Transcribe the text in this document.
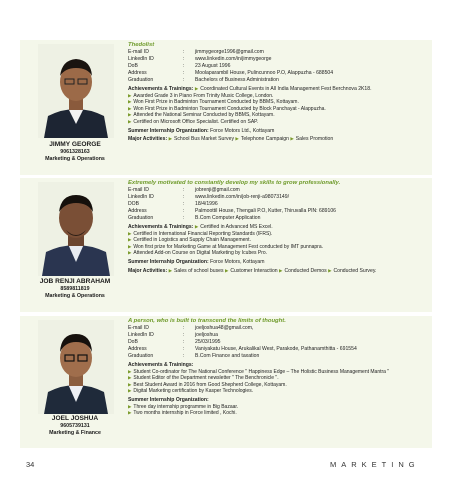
JIMMY GEORGE
9061328163
Marketing & Operations
Thedolist
E-mail ID	:	jimmygeorge1996@gmail.com
LinkedIn ID	:	www.linkedin.com/in/jimmygeorge
DoB	:	23 August 1996
Address	:	Moolaparambil House, Pulincunnoo P.O, Alappuzha - 688504
Graduation	:	Bachelors of Business Administration
Achievements & Trainings: ▶ Coordinated Cultural Events in All India Management Fest Berchnova 2K18.
▶ Awarded Grade 3 in Piano From Trinity Music College, London.
▶ Won First Prize in Badminton Tournament Conducted by BBMS, Kottayam.
▶ Won First Prize in Badminton Tournament Conducted by Block Panchayat - Alappuzha.
▶ Attended the National Seminar Conducted by BBMS, Kottayam.
▶ Certified on Microsoft Office Specialist. Certified on SAP.
Summer Internship Organization: Force Motors Ltd., Kottayam
Major Activities: ▶ School Bus Market Survey ▶ Telephone Campaign ▶ Sales Promotion
JOB RENJI ABRAHAM
8589811819
Marketing & Operations
Extremely motivated to constantly develop my skills to grow professionally.
E-mail ID	:	jobrenji@gmail.com
LinkedIn ID	:	www.linkedin.com/in/job-renji-a98073149/
DOB	:	18/4/1996
Address	:	Palmoottil House, Thengali P.O, Kutter, Thiruvalla PIN: 689106
Graduation	:	B.Com Computer Application
Achievements & Trainings: ▶ Certified in Advanced MS Excel.
▶ Certified in International Financial Reporting Standards (IFRS).
▶ Certified in Logistics and Supply Chain Management.
▶ Won first prize for Marketing Game at Management Fest conducted by IMT punnapra.
▶ Attended Add-on Course on Digital Marketing by Icubes Pro.
Summer Internship Organization: Force Motors, Kottayam
Major Activities: ▶ Sales of school buses ▶ Customer Interaction ▶ Conducted Demos ▶ Conducted Survey.
JOEL JOSHUA
9605739131
Marketing & Finance
A person, who is built to transcend the limits of thought.
E-mail ID	:	joeljoshua48@gmail.com,
LinkedIn ID	:	joeljoshua
DoB	:	25/03/1995
Address	:	Vaniyakatu House, Arukalikal West, Parakode, Pathanamthitta - 691554
Graduation	:	B.Com Finance and taxation
Achievements & Trainings:
▶ Student Co-ordinator for The National Conference " Happiness Edge – The Holistic Business Management Mantra "
▶ Student Editor of the Department newsletter " The Benchronicle ".
▶ Best Student Award in 2016 from Good Shepherd College, Kottayam.
▶ Digital Marketing certification by Kasper Technologies.
Summer Internship Organization:
▶ Three day internship programme in Big Bazaar.
▶ Two months internship in Force limited , Kochi.
34	MARKETING
